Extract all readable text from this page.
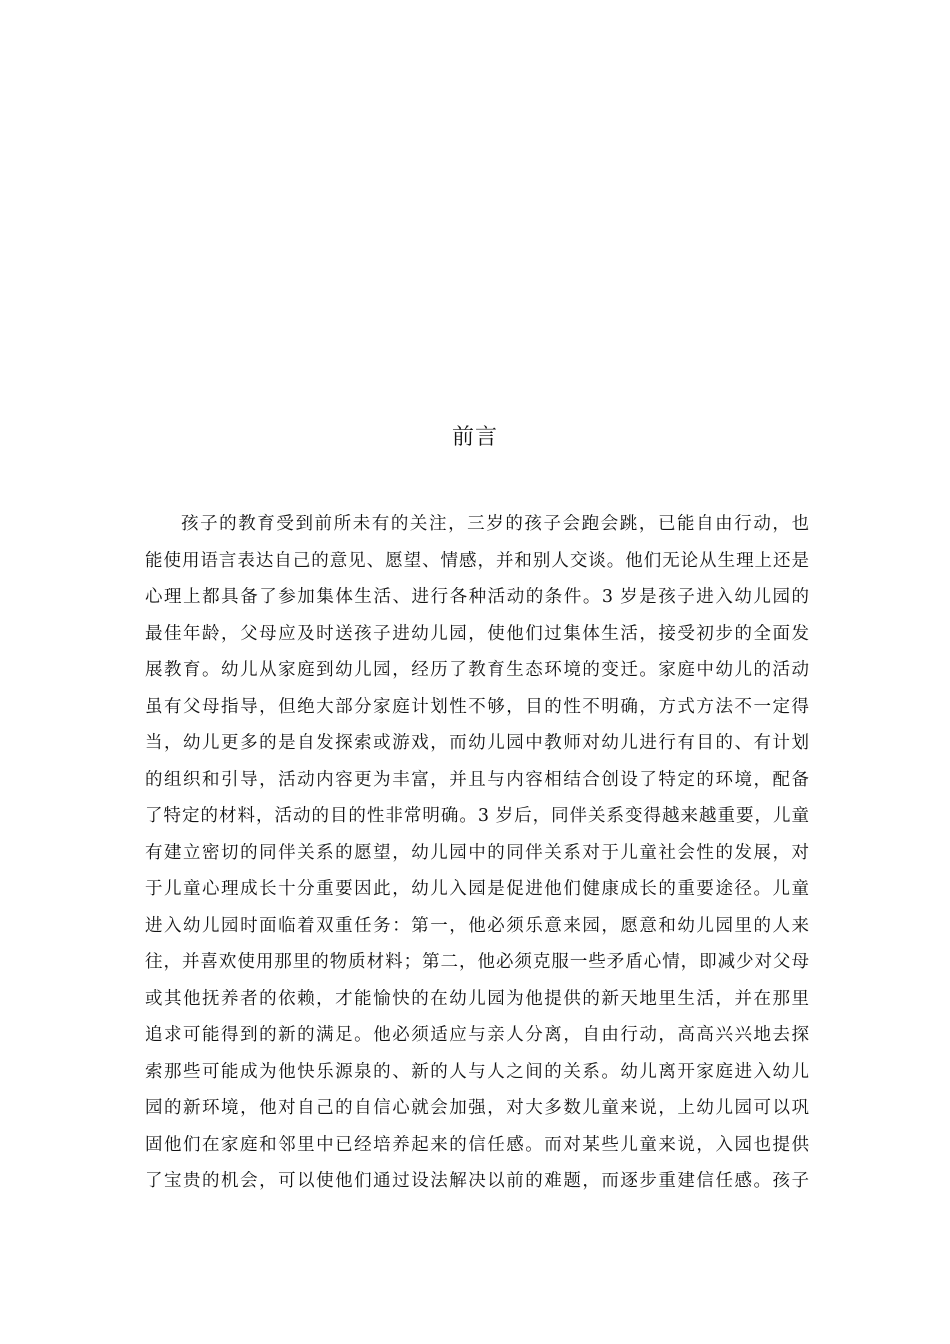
前言
孩子的教育受到前所未有的关注，三岁的孩子会跑会跳，已能自由行动，也
能使用语言表达自己的意见、愿望、情感，并和别人交谈。他们无论从生理上还是
心理上都具备了参加集体生活、进行各种活动的条件。3 岁是孩子进入幼儿园的
最佳年龄，父母应及时送孩子进幼儿园，使他们过集体生活，接受初步的全面发
展教育。幼儿从家庭到幼儿园，经历了教育生态环境的变迁。家庭中幼儿的活动
虽有父母指导，但绝大部分家庭计划性不够，目的性不明确，方式方法不一定得
当，幼儿更多的是自发探索或游戏，而幼儿园中教师对幼儿进行有目的、有计划
的组织和引导，活动内容更为丰富，并且与内容相结合创设了特定的环境，配备
了特定的材料，活动的目的性非常明确。3 岁后，同伴关系变得越来越重要，儿童
有建立密切的同伴关系的愿望，幼儿园中的同伴关系对于儿童社会性的发展，对
于儿童心理成长十分重要因此，幼儿入园是促进他们健康成长的重要途径。儿童
进入幼儿园时面临着双重任务：第一，他必须乐意来园，愿意和幼儿园里的人来
往，并喜欢使用那里的物质材料；第二，他必须克服一些矛盾心情，即减少对父母
或其他抚养者的依赖，才能愉快的在幼儿园为他提供的新天地里生活，并在那里
追求可能得到的新的满足。他必须适应与亲人分离，自由行动，高高兴兴地去探
索那些可能成为他快乐源泉的、新的人与人之间的关系。幼儿离开家庭进入幼儿
园的新环境，他对自己的自信心就会加强，对大多数儿童来说，上幼儿园可以巩
固他们在家庭和邻里中已经培养起来的信任感。而对某些儿童来说，入园也提供
了宝贵的机会，可以使他们通过设法解决以前的难题，而逐步重建信任感。孩子
